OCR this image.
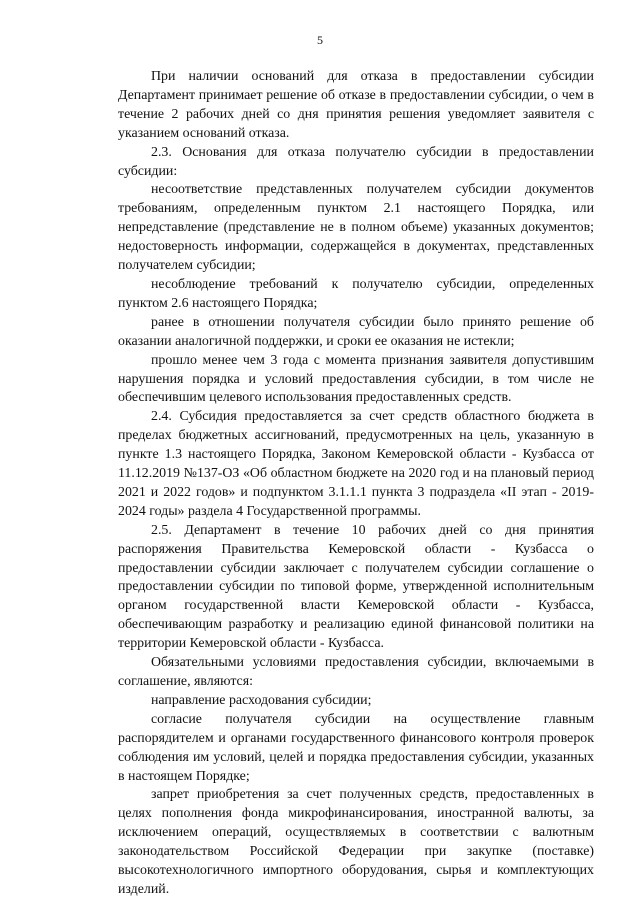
5

При наличии оснований для отказа в предоставлении субсидии Департамент принимает решение об отказе в предоставлении субсидии, о чем в течение 2 рабочих дней со дня принятия решения уведомляет заявителя с указанием оснований отказа.

2.3. Основания для отказа получателю субсидии в предоставлении субсидии:

несоответствие представленных получателем субсидии документов требованиям, определенным пунктом 2.1 настоящего Порядка, или непредставление (представление не в полном объеме) указанных документов; недостоверность информации, содержащейся в документах, представленных получателем субсидии;

несоблюдение требований к получателю субсидии, определенных пунктом 2.6 настоящего Порядка;

ранее в отношении получателя субсидии было принято решение об оказании аналогичной поддержки, и сроки ее оказания не истекли;

прошло менее чем 3 года с момента признания заявителя допустившим нарушения порядка и условий предоставления субсидии, в том числе не обеспечившим целевого использования предоставленных средств.

2.4. Субсидия предоставляется за счет средств областного бюджета в пределах бюджетных ассигнований, предусмотренных на цель, указанную в пункте 1.3 настоящего Порядка, Законом Кемеровской области - Кузбасса от 11.12.2019 №137-ОЗ «Об областном бюджете на 2020 год и на плановый период 2021 и 2022 годов» и подпунктом 3.1.1.1 пункта 3 подраздела «II этап - 2019-2024 годы» раздела 4 Государственной программы.

2.5. Департамент в течение 10 рабочих дней со дня принятия распоряжения Правительства Кемеровской области - Кузбасса о предоставлении субсидии заключает с получателем субсидии соглашение о предоставлении субсидии по типовой форме, утвержденной исполнительным органом государственной власти Кемеровской области - Кузбасса, обеспечивающим разработку и реализацию единой финансовой политики на территории Кемеровской области - Кузбасса.

Обязательными условиями предоставления субсидии, включаемыми в соглашение, являются:

направление расходования субсидии;

согласие получателя субсидии на осуществление главным распорядителем и органами государственного финансового контроля проверок соблюдения им условий, целей и порядка предоставления субсидии, указанных в настоящем Порядке;

запрет приобретения за счет полученных средств, предоставленных в целях пополнения фонда микрофинансирования, иностранной валюты, за исключением операций, осуществляемых в соответствии с валютным законодательством Российской Федерации при закупке (поставке) высокотехнологичного импортного оборудования, сырья и комплектующих изделий.
